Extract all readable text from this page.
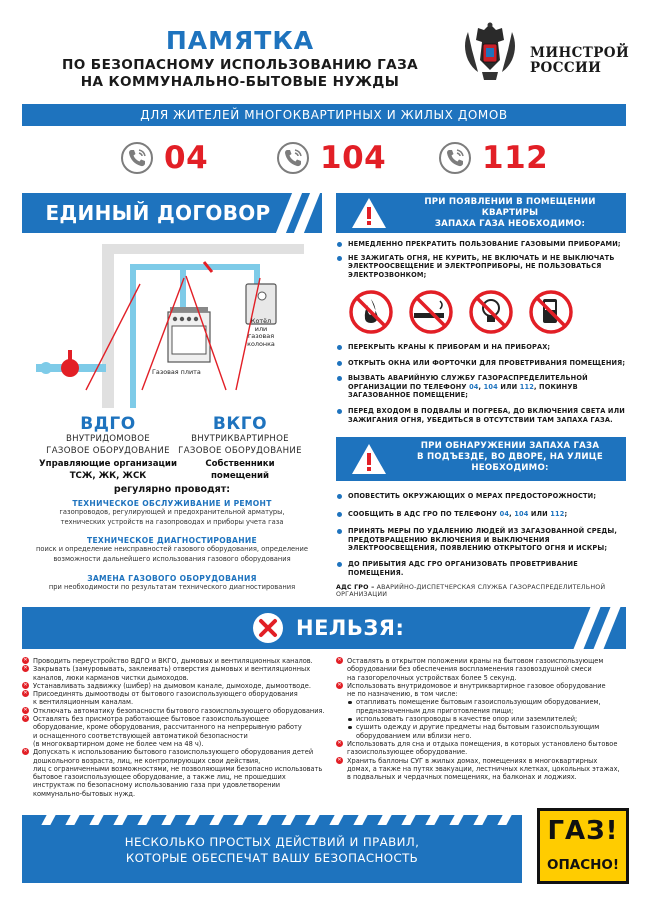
ПАМЯТКА
ПО БЕЗОПАСНОМУ ИСПОЛЬЗОВАНИЮ ГАЗА
НА КОММУНАЛЬНО-БЫТОВЫЕ НУЖДЫ
МИНСТРОЙ
РОССИИ
ДЛЯ ЖИТЕЛЕЙ МНОГОКВАРТИРНЫХ И ЖИЛЫХ ДОМОВ
04	104	112
ЕДИНЫЙ ДОГОВОР
Котёл
или
газовая
колонка
Газовая плита
ВДГО
ВНУТРИДОМОВОЕ
ГАЗОВОЕ ОБОРУДОВАНИЕ
Управляющие организации
ТСЖ, ЖК, ЖСК
ВКГО
ВНУТРИКВАРТИРНОЕ
ГАЗОВОЕ ОБОРУДОВАНИЕ
Собственники
помещений
регулярно проводят:
ТЕХНИЧЕСКОЕ ОБСЛУЖИВАНИЕ И РЕМОНТ
газопроводов, регулирующей и предохранительной арматуры,
технических устройств на газопроводах и приборы учета газа
ТЕХНИЧЕСКОЕ ДИАГНОСТИРОВАНИЕ
поиск и определение неисправностей газового оборудования, определение
возможности дальнейшего использования газового оборудования
ЗАМЕНА ГАЗОВОГО ОБОРУДОВАНИЯ
при необходимости по результатам технического диагностирования
ПРИ ПОЯВЛЕНИИ В ПОМЕЩЕНИИ КВАРТИРЫ
ЗАПАХА ГАЗА НЕОБХОДИМО:
НЕМЕДЛЕННО ПРЕКРАТИТЬ ПОЛЬЗОВАНИЕ ГАЗОВЫМИ ПРИБОРАМИ;
НЕ ЗАЖИГАТЬ ОГНЯ, НЕ КУРИТЬ, НЕ ВКЛЮЧАТЬ И НЕ ВЫКЛЮЧАТЬ ЭЛЕКТРООСВЕЩЕНИЕ И ЭЛЕКТРОПРИБОРЫ, НЕ ПОЛЬЗОВАТЬСЯ ЭЛЕКТРОЗВОНКОМ;
ПЕРЕКРЫТЬ КРАНЫ К ПРИБОРАМ И НА ПРИБОРАХ;
ОТКРЫТЬ ОКНА ИЛИ ФОРТОЧКИ ДЛЯ ПРОВЕТРИВАНИЯ ПОМЕЩЕНИЯ;
ВЫЗВАТЬ АВАРИЙНУЮ СЛУЖБУ ГАЗОРАСПРЕДЕЛИТЕЛЬНОЙ ОРГАНИЗАЦИИ ПО ТЕЛЕФОНУ 04, 104 ИЛИ 112, ПОКИНУВ ЗАГАЗОВАННОЕ ПОМЕЩЕНИЕ;
ПЕРЕД ВХОДОМ В ПОДВАЛЫ И ПОГРЕБА, ДО ВКЛЮЧЕНИЯ СВЕТА ИЛИ ЗАЖИГАНИЯ ОГНЯ, УБЕДИТЬСЯ В ОТСУТСТВИИ ТАМ ЗАПАХА ГАЗА.
ПРИ ОБНАРУЖЕНИИ ЗАПАХА ГАЗА
В ПОДЪЕЗДЕ, ВО ДВОРЕ, НА УЛИЦЕ
НЕОБХОДИМО:
ОПОВЕСТИТЬ ОКРУЖАЮЩИХ О МЕРАХ ПРЕДОСТОРОЖНОСТИ;
СООБЩИТЬ В АДС ГРО ПО ТЕЛЕФОНУ 04, 104 ИЛИ 112;
ПРИНЯТЬ МЕРЫ ПО УДАЛЕНИЮ ЛЮДЕЙ ИЗ ЗАГАЗОВАННОЙ СРЕДЫ, ПРЕДОТВРАЩЕНИЮ ВКЛЮЧЕНИЯ И ВЫКЛЮЧЕНИЯ ЭЛЕКТРООСВЕЩЕНИЯ, ПОЯВЛЕНИЮ ОТКРЫТОГО ОГНЯ И ИСКРЫ;
ДО ПРИБЫТИЯ АДС ГРО ОРГАНИЗОВАТЬ ПРОВЕТРИВАНИЕ ПОМЕЩЕНИЯ.
АДС ГРО – АВАРИЙНО-ДИСПЕТЧЕРСКАЯ СЛУЖБА ГАЗОРАСПРЕДЕЛИТЕЛЬНОЙ ОРГАНИЗАЦИИ
НЕЛЬЗЯ:
✕ Проводить переустройство ВДГО и ВКГО, дымовых и вентиляционных каналов.
✕ Закрывать (замуровывать, заклеивать) отверстия дымовых и вентиляционных
каналов, люки карманов чистки дымоходов.
✕ Устанавливать задвижку (шибер) на дымовом канале, дымоходе, дымоотводе.
✕ Присоединять дымоотводы от бытового газоиспользующего оборудования
к вентиляционным каналам.
✕ Отключать автоматику безопасности бытового газоиспользующего оборудования.
✕ Оставлять без присмотра работающее бытовое газоиспользующее
оборудование, кроме оборудования, рассчитанного на непрерывную работу
и оснащенного соответствующей автоматикой безопасности
(в многоквартирном доме не более чем на 48 ч).
✕ Допускать к использованию бытового газоиспользующего оборудования детей
дошкольного возраста, лиц, не контролирующих свои действия,
лиц с ограниченными возможностями, не позволяющими безопасно использовать
бытовое газоиспользующее оборудование, а также лиц, не прошедших
инструктаж по безопасному использованию газа при удовлетворении
коммунально-бытовых нужд.
✕ Оставлять в открытом положении краны на бытовом газоиспользующем
оборудовании без обеспечения воспламенения газовоздушной смеси
на газогорелочных устройствах более 5 секунд.
✕ Использовать внутридомовое и внутриквартирное газовое оборудование
не по назначению, в том числе:
отапливать помещение бытовым газоиспользующим оборудованием,
предназначенным для приготовления пищи;
использовать газопроводы в качестве опор или заземлителей;
сушить одежду и другие предметы над бытовым газоиспользующим
оборудованием или вблизи него.
✕ Использовать для сна и отдыха помещения, в которых установлено бытовое
газоиспользующее оборудование.
✕ Хранить баллоны СУГ в жилых домах, помещениях в многоквартирных
домах, а также на путях эвакуации, лестничных клетках, цокольных этажах,
в подвальных и чердачных помещениях, на балконах и лоджиях.
НЕСКОЛЬКО ПРОСТЫХ ДЕЙСТВИЙ И ПРАВИЛ,
КОТОРЫЕ ОБЕСПЕЧАТ ВАШУ БЕЗОПАСНОСТЬ
ГАЗ!
ОПАСНО!
